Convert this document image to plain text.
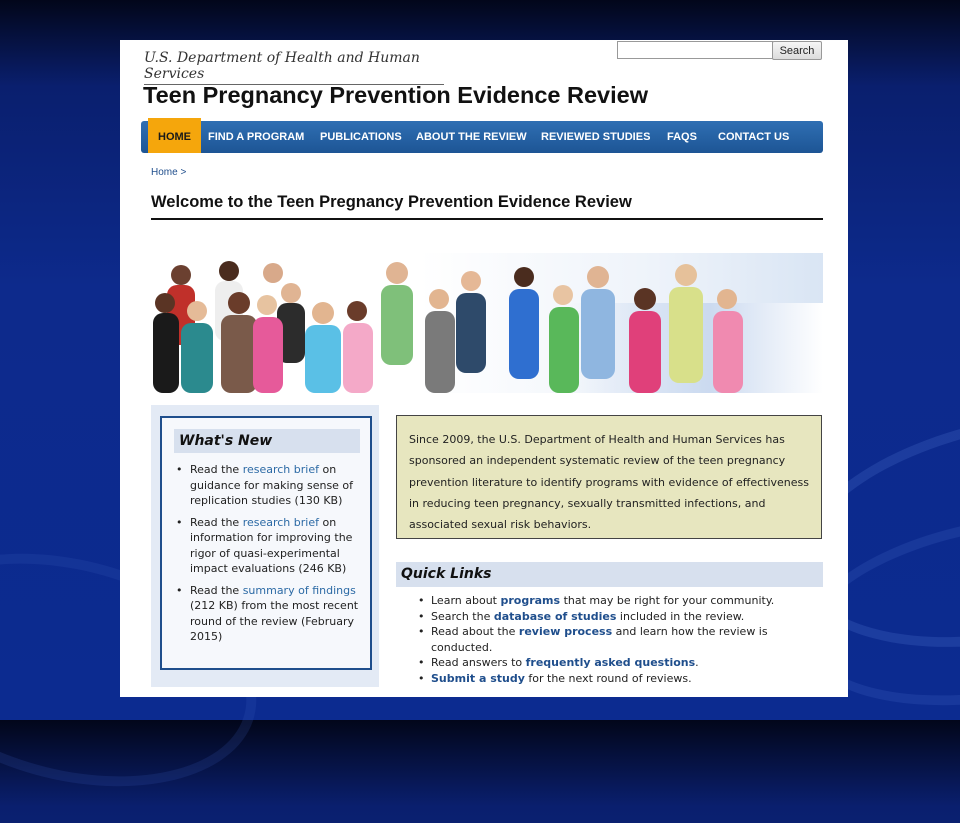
U.S. Department of Health and Human Services
Search
Teen Pregnancy Prevention Evidence Review
HOME	FIND A PROGRAM PUBLICATIONS ABOUT THE REVIEW REVIEWED STUDIES FAQS CONTACT US
Home >
Welcome to the Teen Pregnancy Prevention Evidence Review
What's New
• Read the research brief on guidance for making sense of replication studies (130 KB)
• Read the research brief on information for improving the rigor of quasi-experimental impact evaluations (246 KB)
• Read the summary of findings (212 KB) from the most recent round of the review (February 2015)
Since 2009, the U.S. Department of Health and Human Services has sponsored an independent systematic review of the teen pregnancy prevention literature to identify programs with evidence of effectiveness in reducing teen pregnancy, sexually transmitted infections, and associated sexual risk behaviors.
Quick Links
• Learn about programs that may be right for your community.
• Search the database of studies included in the review.
• Read about the review process and learn how the review is conducted.
• Read answers to frequently asked questions.
• Submit a study for the next round of reviews.
